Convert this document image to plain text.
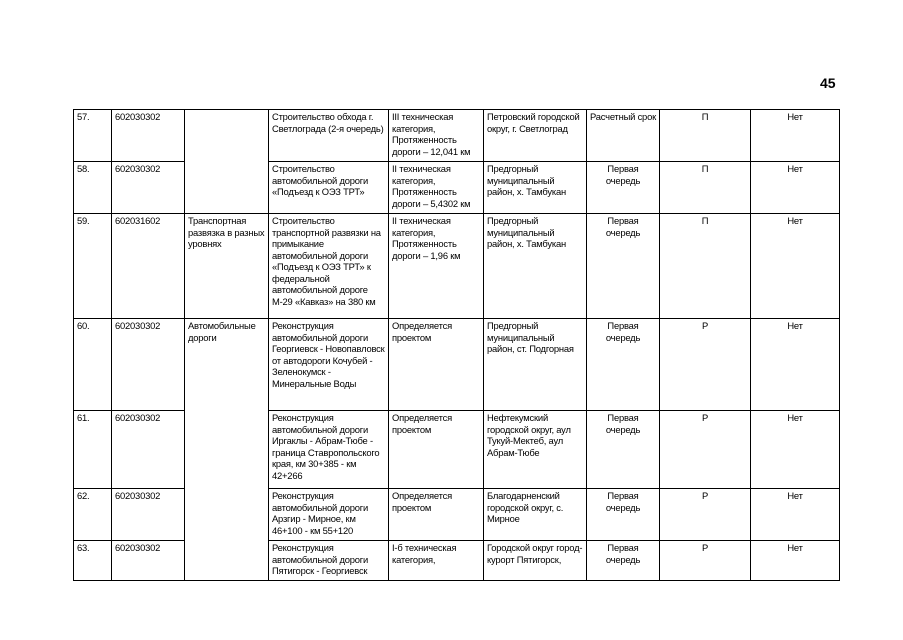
45
57.	602030302		Строительство обхода г. Светлограда (2-я очередь)	III техническая категория, Протяженность дороги – 12,041 км	Петровский городской округ, г. Светлоград	Расчетный срок	П	Нет
58.	602030302		Строительство автомобильной дороги «Подъезд к ОЭЗ ТРТ»	II техническая категория, Протяженность дороги – 5,4302 км	Предгорный муниципальный район, х. Тамбукан	Первая очередь	П	Нет
59.	602031602	Транспортная развязка в разных уровнях	Строительство транспортной развязки на примыкание автомобильной дороги «Подъезд к ОЭЗ ТРТ» к федеральной автомобильной дороге М-29 «Кавказ» на 380 км	II техническая категория, Протяженность дороги – 1,96 км	Предгорный муниципальный район, х. Тамбукан	Первая очередь	П	Нет
60.	602030302	Автомобильные дороги	Реконструкция автомобильной дороги Георгиевск - Новопавловск от автодороги Кочубей - Зеленокумск - Минеральные Воды	Определяется проектом	Предгорный муниципальный район, ст. Подгорная	Первая очередь	Р	Нет
61.	602030302		Реконструкция автомобильной дороги Иргаклы - Абрам-Тюбе - граница Ставропольского края, км 30+385 - км 42+266	Определяется проектом	Нефтекумский городской округ, аул Тукуй-Мектеб, аул Абрам-Тюбе	Первая очередь	Р	Нет
62.	602030302		Реконструкция автомобильной дороги Арзгир - Мирное, км 46+100 - км 55+120	Определяется проектом	Благодарненский городской округ, с. Мирное	Первая очередь	Р	Нет
63.	602030302		Реконструкция автомобильной дороги Пятигорск - Георгиевск	I-б техническая категория,	Городской округ город-курорт Пятигорск,	Первая очередь	Р	Нет
